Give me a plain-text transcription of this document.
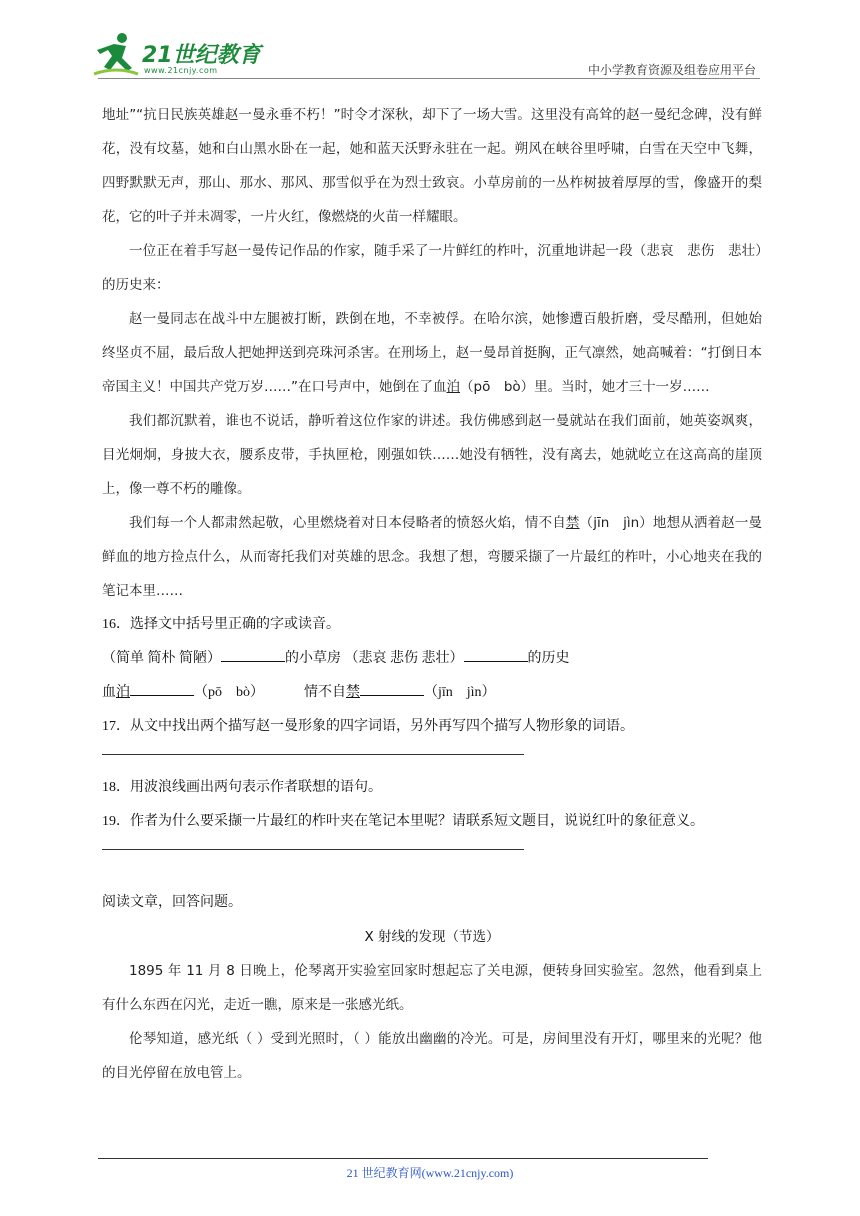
21世纪教育
www.21cnjy.com	中小学教育资源及组卷应用平台

地址”“抗日民族英雄赵一曼永垂不朽！”时令才深秋，却下了一场大雪。这里没有高耸的赵一曼纪念碑，没有鲜花，没有坟墓，她和白山黑水卧在一起，她和蓝天沃野永驻在一起。朔风在峡谷里呼啸，白雪在天空中飞舞，四野默默无声，那山、那水、那风、那雪似乎在为烈士致哀。小草房前的一丛柞树披着厚厚的雪，像盛开的梨花，它的叶子并未凋零，一片火红，像燃烧的火苗一样耀眼。

一位正在着手写赵一曼传记作品的作家，随手采了一片鲜红的柞叶，沉重地讲起一段（悲哀　悲伤　悲壮）的历史来：

赵一曼同志在战斗中左腿被打断，跌倒在地，不幸被俘。在哈尔滨，她惨遭百般折磨，受尽酷刑，但她始终坚贞不屈，最后敌人把她押送到亮珠河杀害。在刑场上，赵一曼昂首挺胸，正气凛然，她高喊着：“打倒日本帝国主义！中国共产党万岁……”在口号声中，她倒在了血泊（pō　bò）里。当时，她才三十一岁……

我们都沉默着，谁也不说话，静听着这位作家的讲述。我仿佛感到赵一曼就站在我们面前，她英姿飒爽，目光炯炯，身披大衣，腰系皮带，手执匣枪，刚强如铁……她没有牺牲，没有离去，她就屹立在这高高的崖顶上，像一尊不朽的雕像。

我们每一个人都肃然起敬，心里燃烧着对日本侵略者的愤怒火焰，情不自禁（jīn　jìn）地想从洒着赵一曼鲜血的地方捡点什么，从而寄托我们对英雄的思念。我想了想，弯腰采撷了一片最红的柞叶，小心地夹在我的笔记本里……

16．选择文中括号里正确的字或读音。

（简单 简朴 简陋）	的小草房 （悲哀 悲伤 悲壮）	的历史

血泊	（pō　bò）	情不自禁	（jīn　jìn）

17．从文中找出两个描写赵一曼形象的四字词语，另外再写四个描写人物形象的词语。

18．用波浪线画出两句表示作者联想的语句。

19．作者为什么要采撷一片最红的柞叶夹在笔记本里呢？请联系短文题目，说说红叶的象征意义。

阅读文章，回答问题。

X 射线的发现（节选）

1895 年 11 月 8 日晚上，伦琴离开实验室回家时想起忘了关电源，便转身回实验室。忽然，他看到桌上有什么东西在闪光，走近一瞧，原来是一张感光纸。

伦琴知道，感光纸（ ）受到光照时，（ ）能放出幽幽的冷光。可是，房间里没有开灯，哪里来的光呢？他的目光停留在放电管上。

21 世纪教育网(www.21cnjy.com)
